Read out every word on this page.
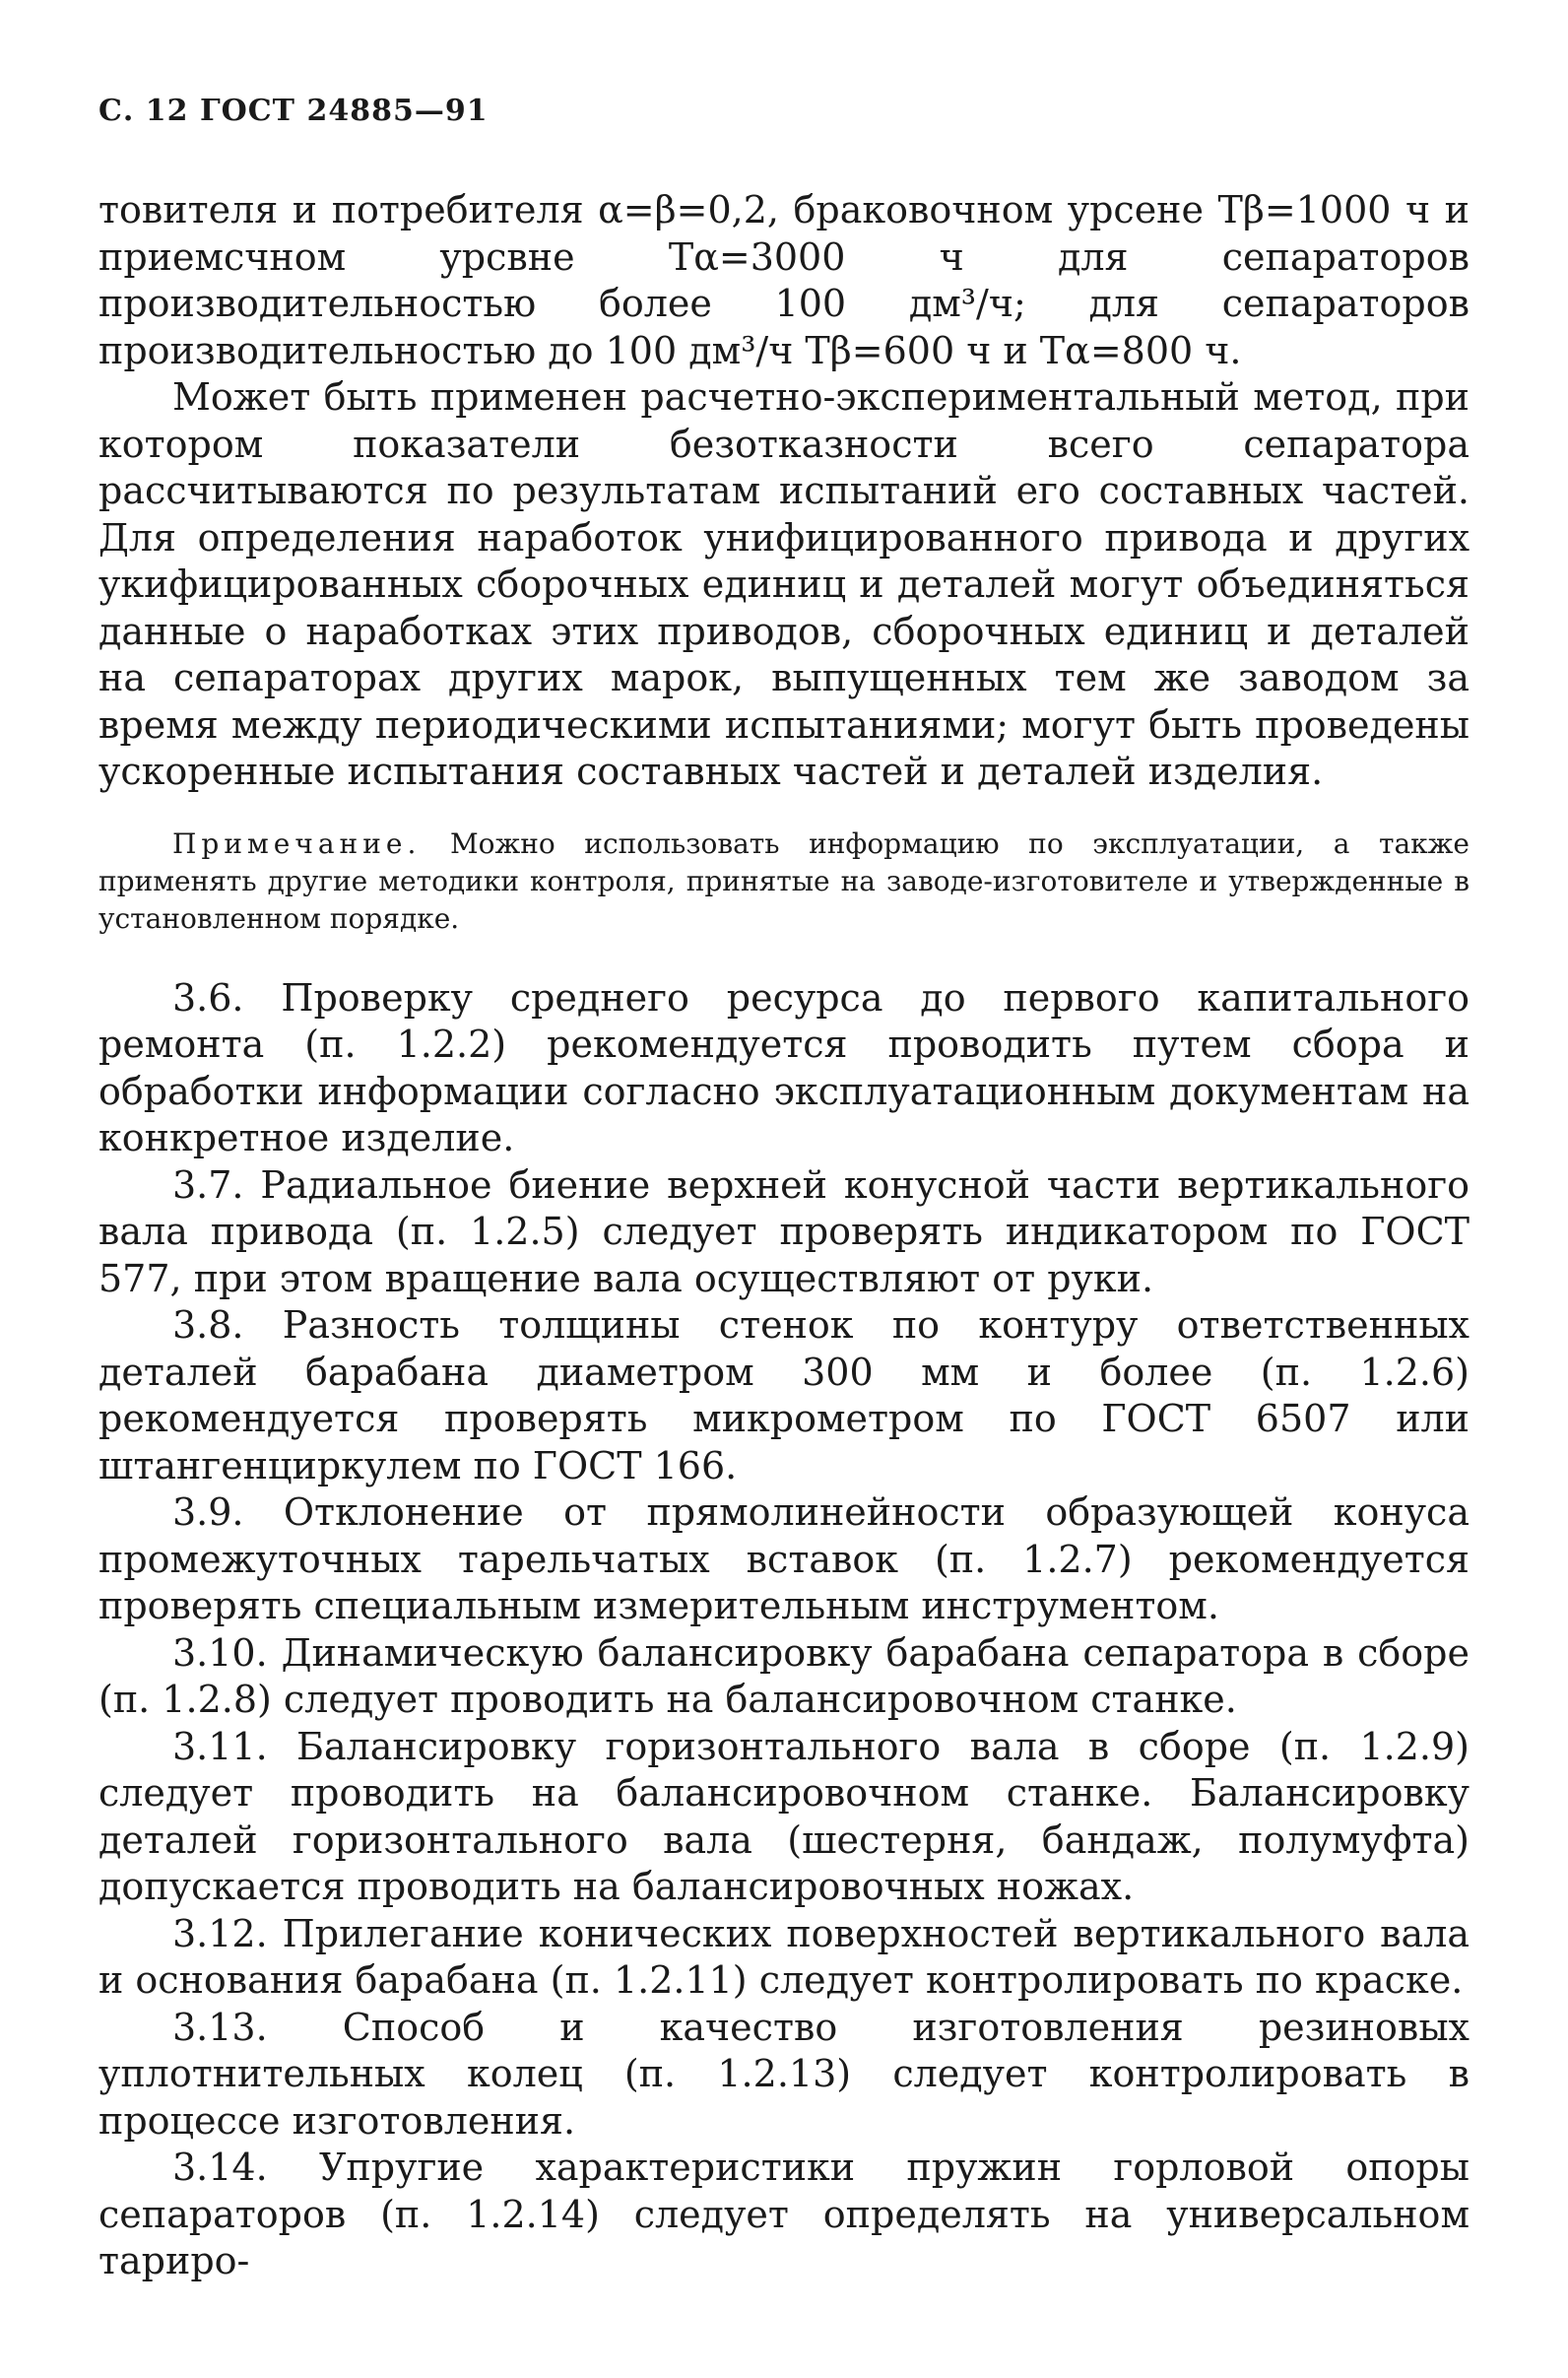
С. 12 ГОСТ 24885—91

товителя и потребителя α=β=0,2, браковочном урсене Tβ=1000 ч и приемсчном урсвне Tα=3000 ч для сепараторов производительностью более 100 дм³/ч; для сепараторов производительностью до 100 дм³/ч Tβ=600 ч и Tα=800 ч.

Может быть применен расчетно-экспериментальный метод, при котором показатели безотказности всего сепаратора рассчитываются по результатам испытаний его составных частей. Для определения наработок унифицированного привода и других укифицированных сборочных единиц и деталей могут объединяться данные о наработках этих приводов, сборочных единиц и деталей на сепараторах других марок, выпущенных тем же заводом за время между периодическими испытаниями; могут быть проведены ускоренные испытания составных частей и деталей изделия.

Примечание. Можно использовать информацию по эксплуатации, а также применять другие методики контроля, принятые на заводе-изготовителе и утвержденные в установленном порядке.

3.6. Проверку среднего ресурса до первого капитального ремонта (п. 1.2.2) рекомендуется проводить путем сбора и обработки информации согласно эксплуатационным документам на конкретное изделие.

3.7. Радиальное биение верхней конусной части вертикального вала привода (п. 1.2.5) следует проверять индикатором по ГОСТ 577, при этом вращение вала осуществляют от руки.

3.8. Разность толщины стенок по контуру ответственных деталей барабана диаметром 300 мм и более (п. 1.2.6) рекомендуется проверять микрометром по ГОСТ 6507 или штангенциркулем по ГОСТ 166.

3.9. Отклонение от прямолинейности образующей конуса промежуточных тарельчатых вставок (п. 1.2.7) рекомендуется проверять специальным измерительным инструментом.

3.10. Динамическую балансировку барабана сепаратора в сборе (п. 1.2.8) следует проводить на балансировочном станке.

3.11. Балансировку горизонтального вала в сборе (п. 1.2.9) следует проводить на балансировочном станке. Балансировку деталей горизонтального вала (шестерня, бандаж, полумуфта) допускается проводить на балансировочных ножах.

3.12. Прилегание конических поверхностей вертикального вала и основания барабана (п. 1.2.11) следует контролировать по краске.

3.13. Способ и качество изготовления резиновых уплотнительных колец (п. 1.2.13) следует контролировать в процессе изготовления.

3.14. Упругие характеристики пружин горловой опоры сепараторов (п. 1.2.14) следует определять на универсальном тариро-
